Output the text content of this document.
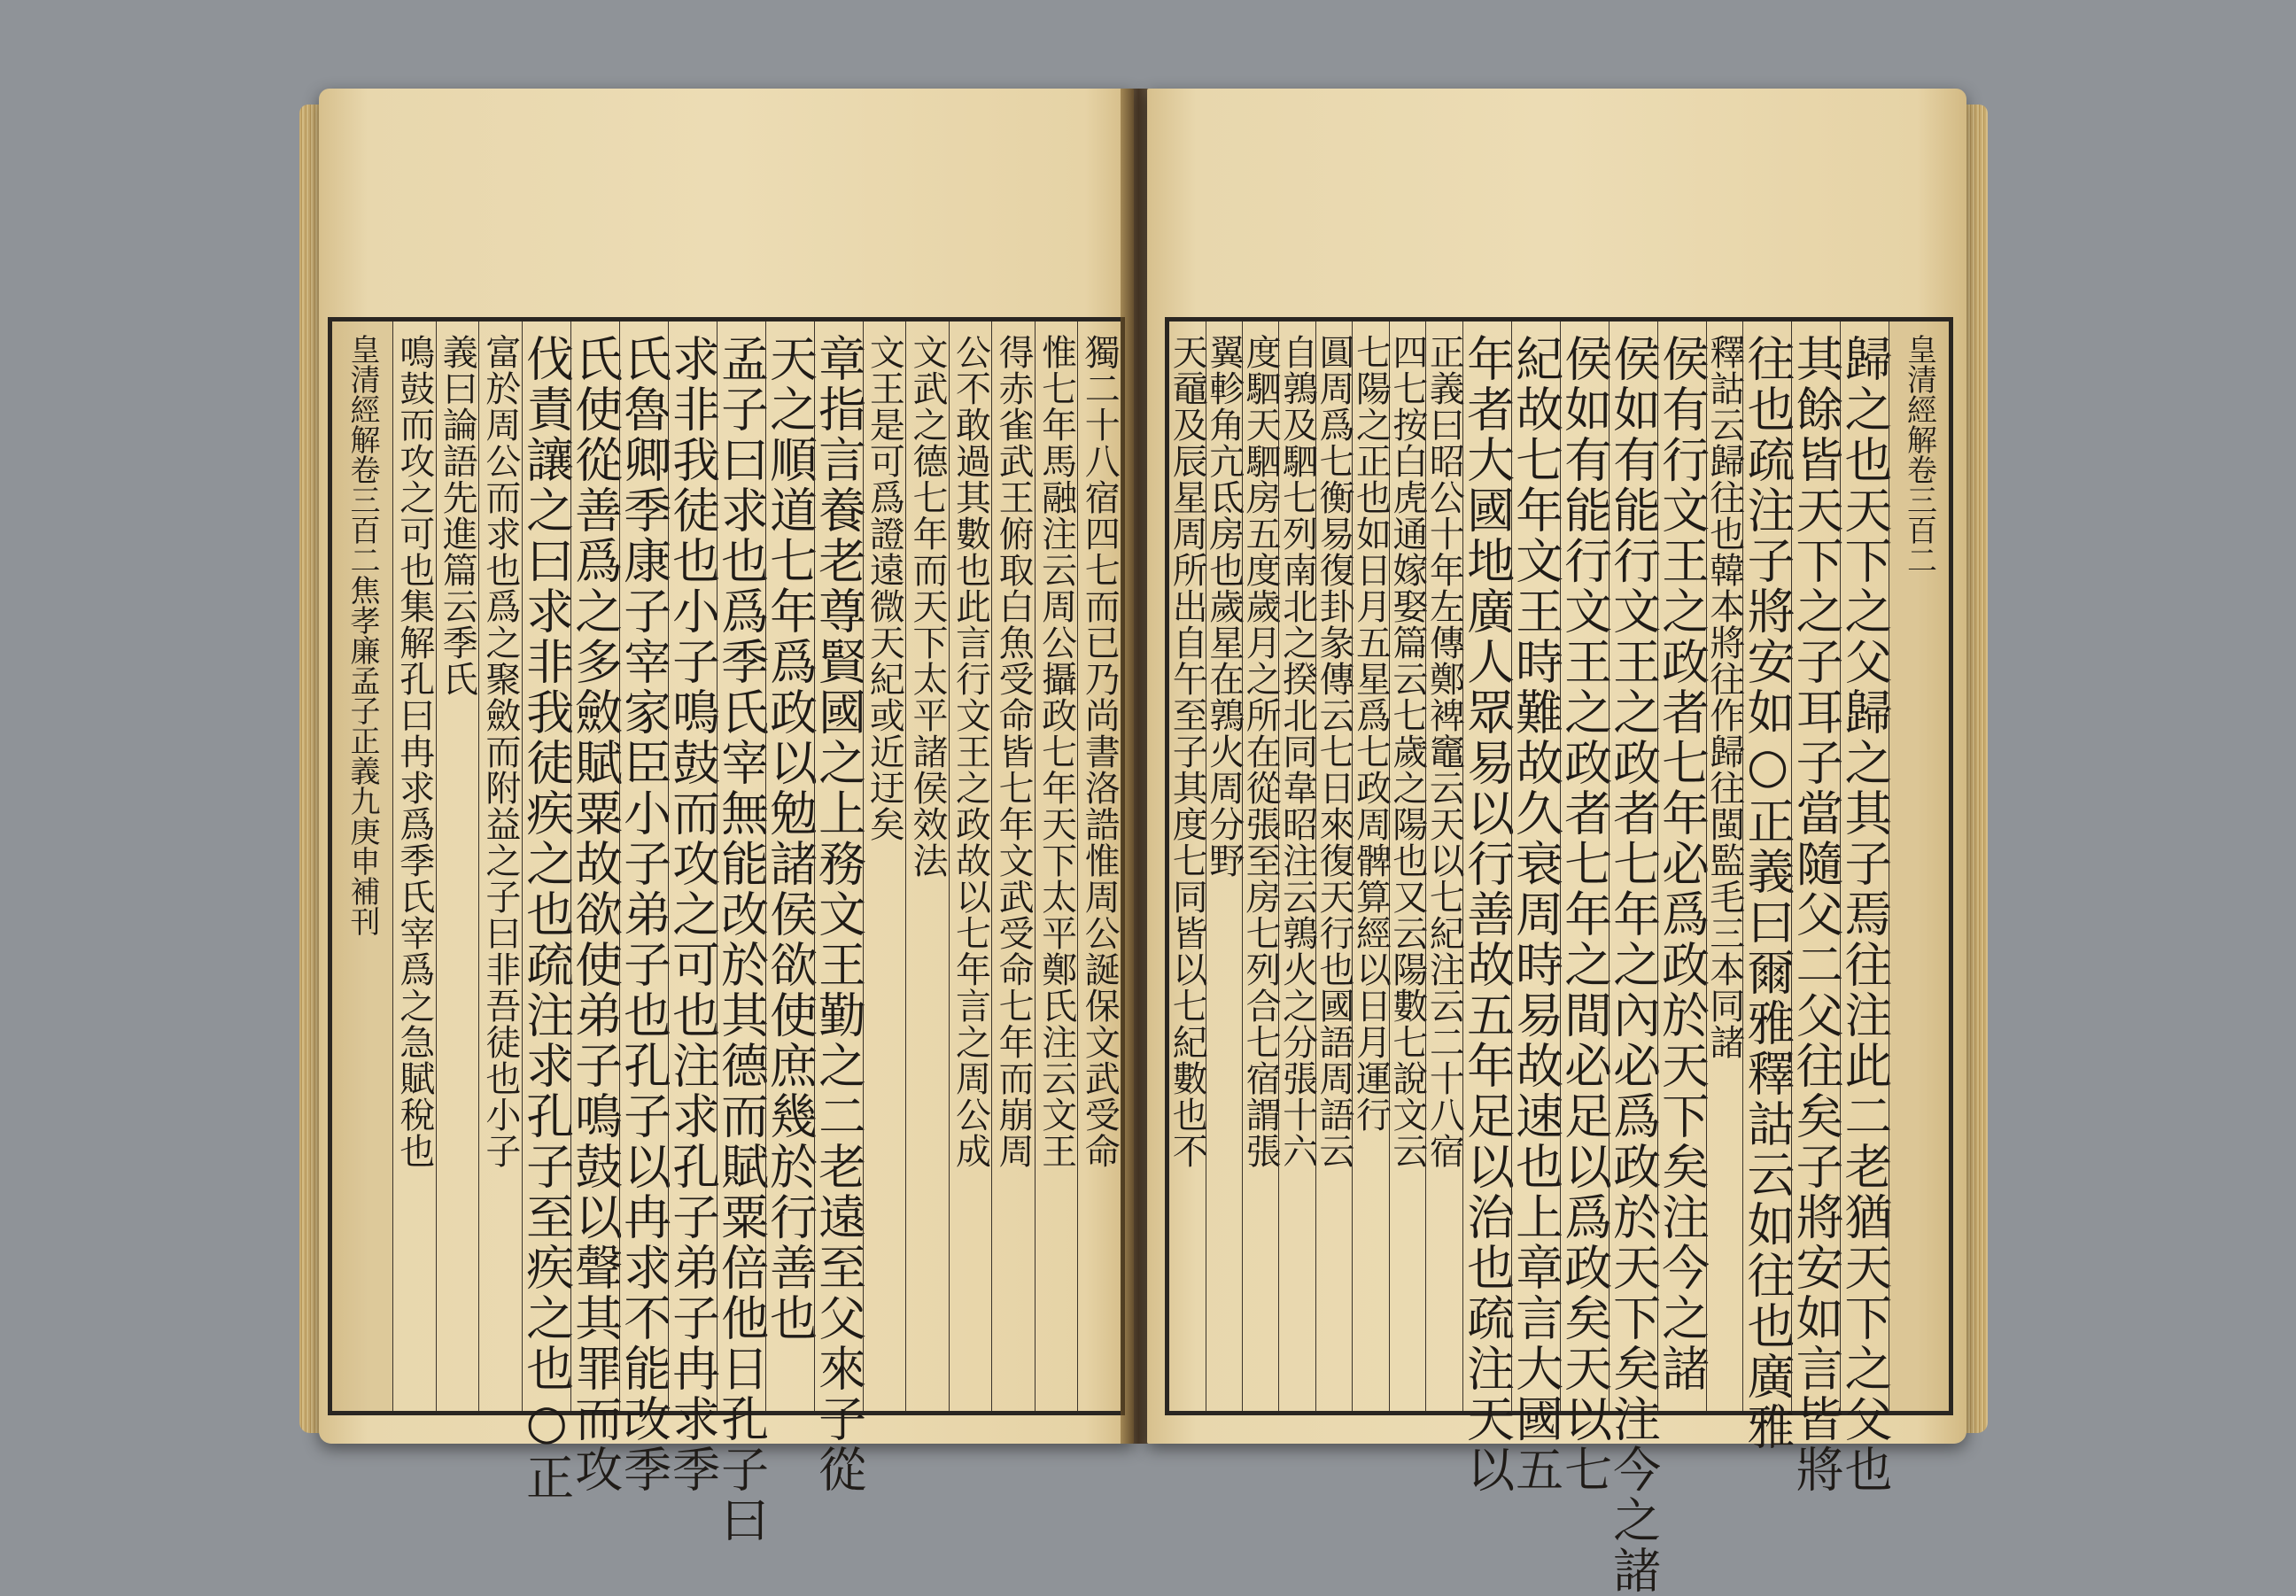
獨二十八宿四七而已乃尚書洛誥惟周公誕保文武受命
惟七年馬融注云周公攝政七年天下太平鄭氏注云文王
得赤雀武王俯取白魚受命皆七年文武受命七年而崩周
公不敢過其數也此言行文王之政故以七年言之周公成
文武之德七年而天下太平諸侯效法
文王是可爲證遠微天紀或近迂矣
章指言養老尊賢國之上務文王勤之二老遠至父來子從
天之順道七年爲政以勉諸侯欲使庶幾於行善也
孟子曰求也爲季氏宰無能改於其德而賦粟倍他日孔子曰
求非我徒也小子鳴鼓而攻之可也注求孔子弟子冉求季
氏魯卿季康子宰家臣小子弟子也孔子以冉求不能改季
氏使從善爲之多斂賦粟故欲使弟子鳴鼓以聲其罪而攻
伐責讓之曰求非我徒疾之也疏注求孔子至疾之也○正
富於周公而求也爲之聚斂而附益之子曰非吾徒也小子
義曰論語先進篇云季氏
鳴鼓而攻之可也集解孔曰冉求爲季氏宰爲之急賦稅也
皇清經解卷三百二焦孝廉孟子正義九庚申補刊
皇清經解卷三百二
歸之也天下之父歸之其子焉往注此二老猶天下之父也
其餘皆天下之子耳子當隨父二父往矣子將安如言皆將
往也疏注子將安如○正義曰爾雅釋詁云如往也廣雅
釋詁云歸往也韓本將往作歸往閩監毛三本同諸
侯有行文王之政者七年必爲政於天下矣注今之諸
侯如有能行文王之政者七年之內必爲政於天下矣注今之諸
侯如有能行文王之政者七年之間必足以爲政矣天以七
紀故七年文王時難故久衰周時易故速也上章言大國五
年者大國地廣人眾易以行善故五年足以治也疏注天以
正義曰昭公十年左傳鄭裨竈云天以七紀注云二十八宿
四七按白虎通嫁娶篇云七歲之陽也又云陽數七說文云
七陽之正也如日月五星爲七政周髀算經以日月運行
圓周爲七衡易復卦彖傳云七日來復天行也國語周語云
自鶉及駟七列南北之揆北同韋昭注云鶉火之分張十六
度駟天駟房五度歲月之所在從張至房七列合七宿謂張
翼軫角亢氐房也歲星在鶉火周分野
天黿及辰星周所出自午至子其度七同皆以七紀數也不
